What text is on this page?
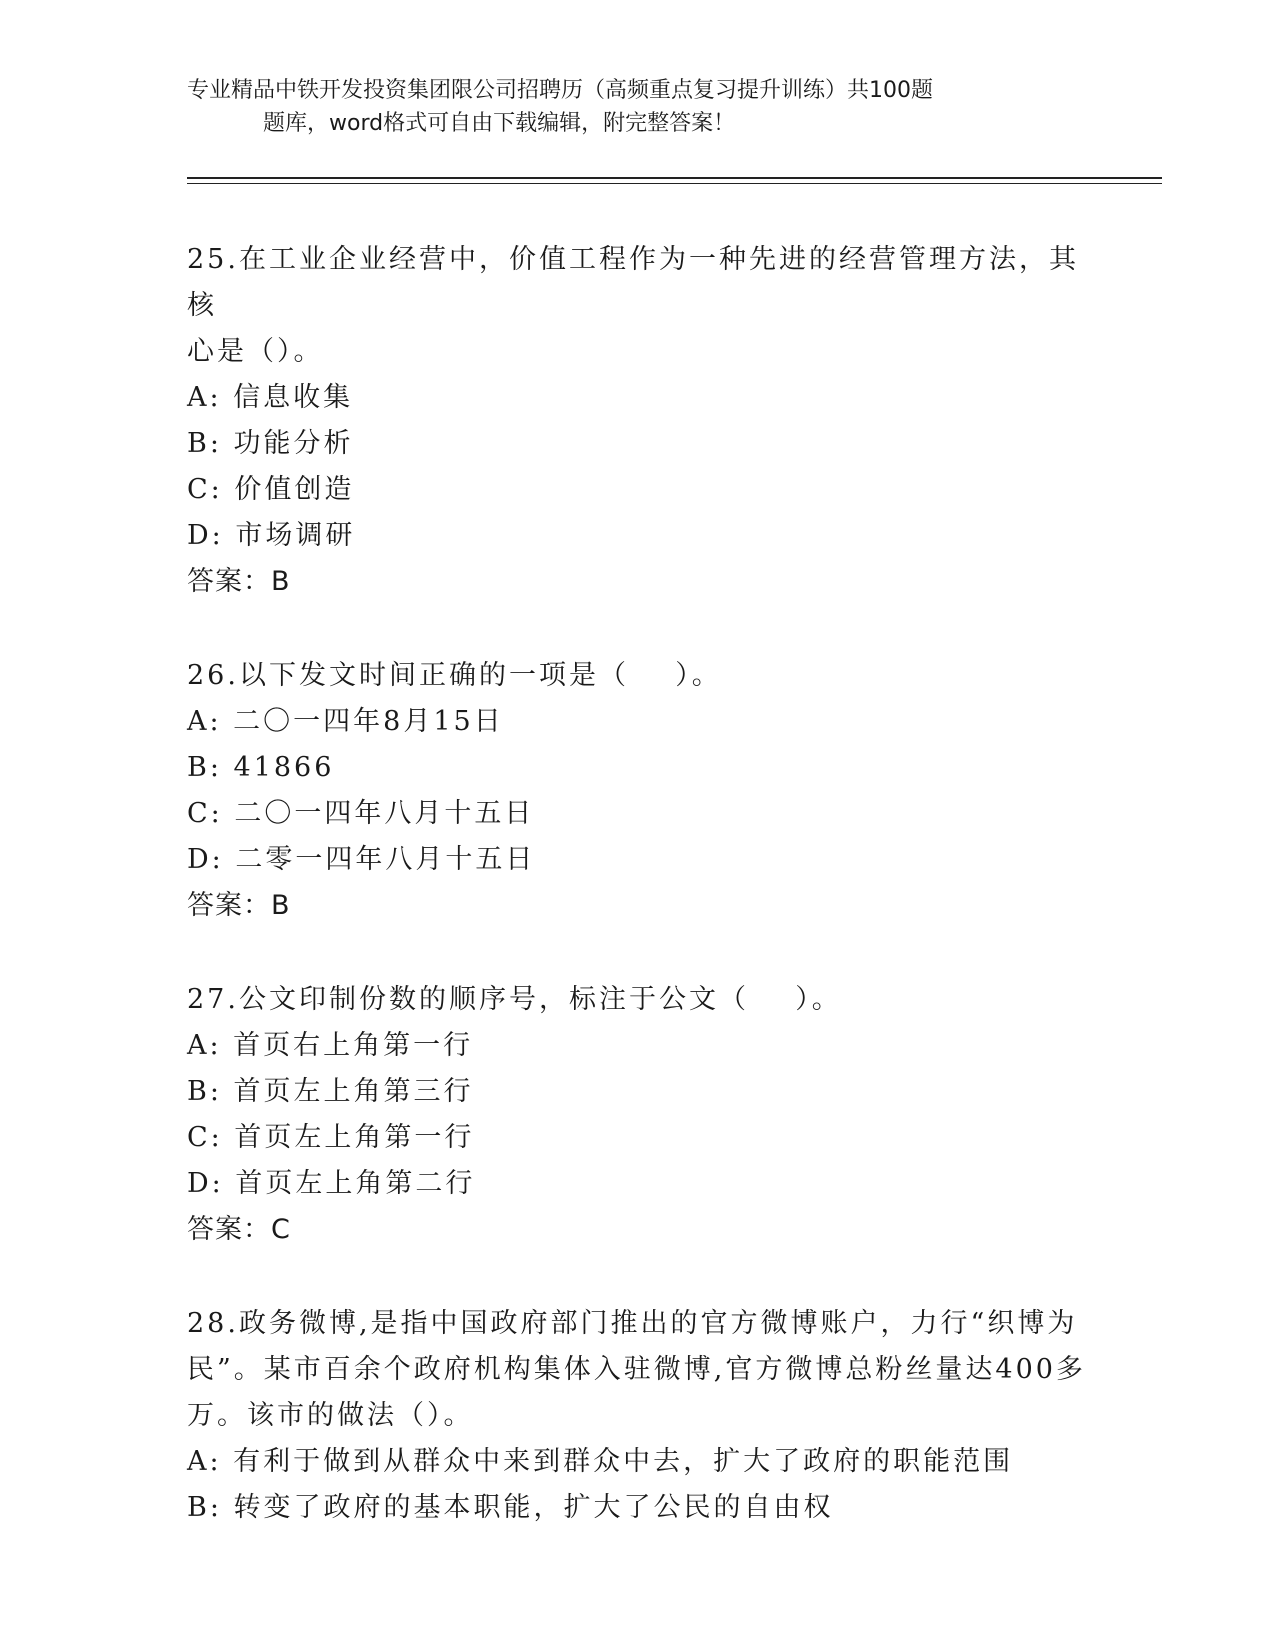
专业精品中铁开发投资集团限公司招聘历（高频重点复习提升训练）共100题
题库，word格式可自由下载编辑，附完整答案！
25.在工业企业经营中，价值工程作为一种先进的经营管理方法，其核
心是（）。
A: 信息收集
B: 功能分析
C: 价值创造
D: 市场调研
答案：B
26.以下发文时间正确的一项是（    ）。
A: 二〇一四年8月15日
B: 41866
C: 二〇一四年八月十五日
D: 二零一四年八月十五日
答案：B
27.公文印制份数的顺序号，标注于公文（    ）。
A: 首页右上角第一行
B: 首页左上角第三行
C: 首页左上角第一行
D: 首页左上角第二行
答案：C
28.政务微博,是指中国政府部门推出的官方微博账户，力行“织博为
民”。某市百余个政府机构集体入驻微博,官方微博总粉丝量达400多
万。该市的做法（）。
A: 有利于做到从群众中来到群众中去，扩大了政府的职能范围
B: 转变了政府的基本职能，扩大了公民的自由权
